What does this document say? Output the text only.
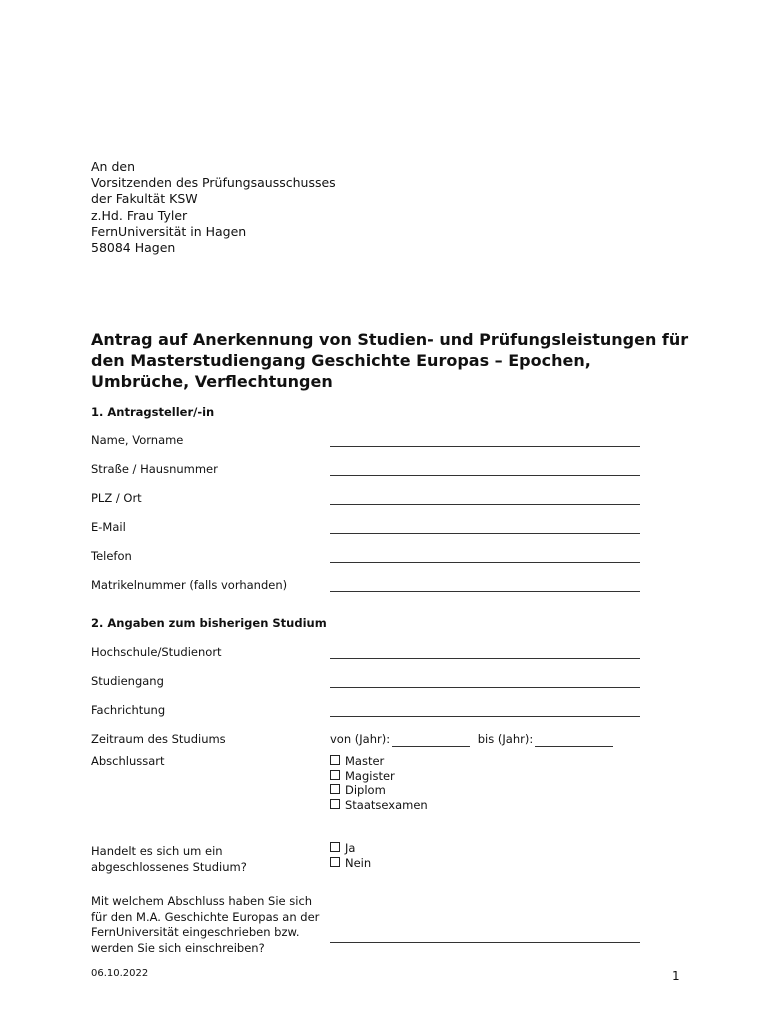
An den
Vorsitzenden des Prüfungsausschusses
der Fakultät KSW
z.Hd. Frau Tyler
FernUniversität in Hagen
58084 Hagen
Antrag auf Anerkennung von Studien- und Prüfungsleistungen für den Masterstudiengang Geschichte Europas – Epochen, Umbrüche, Verflechtungen
1. Antragsteller/-in
Name, Vorname
Straße / Hausnummer
PLZ / Ort
E-Mail
Telefon
Matrikelnummer (falls vorhanden)
2. Angaben zum bisherigen Studium
Hochschule/Studienort
Studiengang
Fachrichtung
Zeitraum des Studiums	von (Jahr):	bis (Jahr):
Abschlussart	Master
Magister
Diplom
Staatsexamen
Handelt es sich um ein abgeschlossenes Studium?
Ja
Nein
Mit welchem Abschluss haben Sie sich für den M.A. Geschichte Europas an der FernUniversität eingeschrieben bzw. werden Sie sich einschreiben?
06.10.2022	1
